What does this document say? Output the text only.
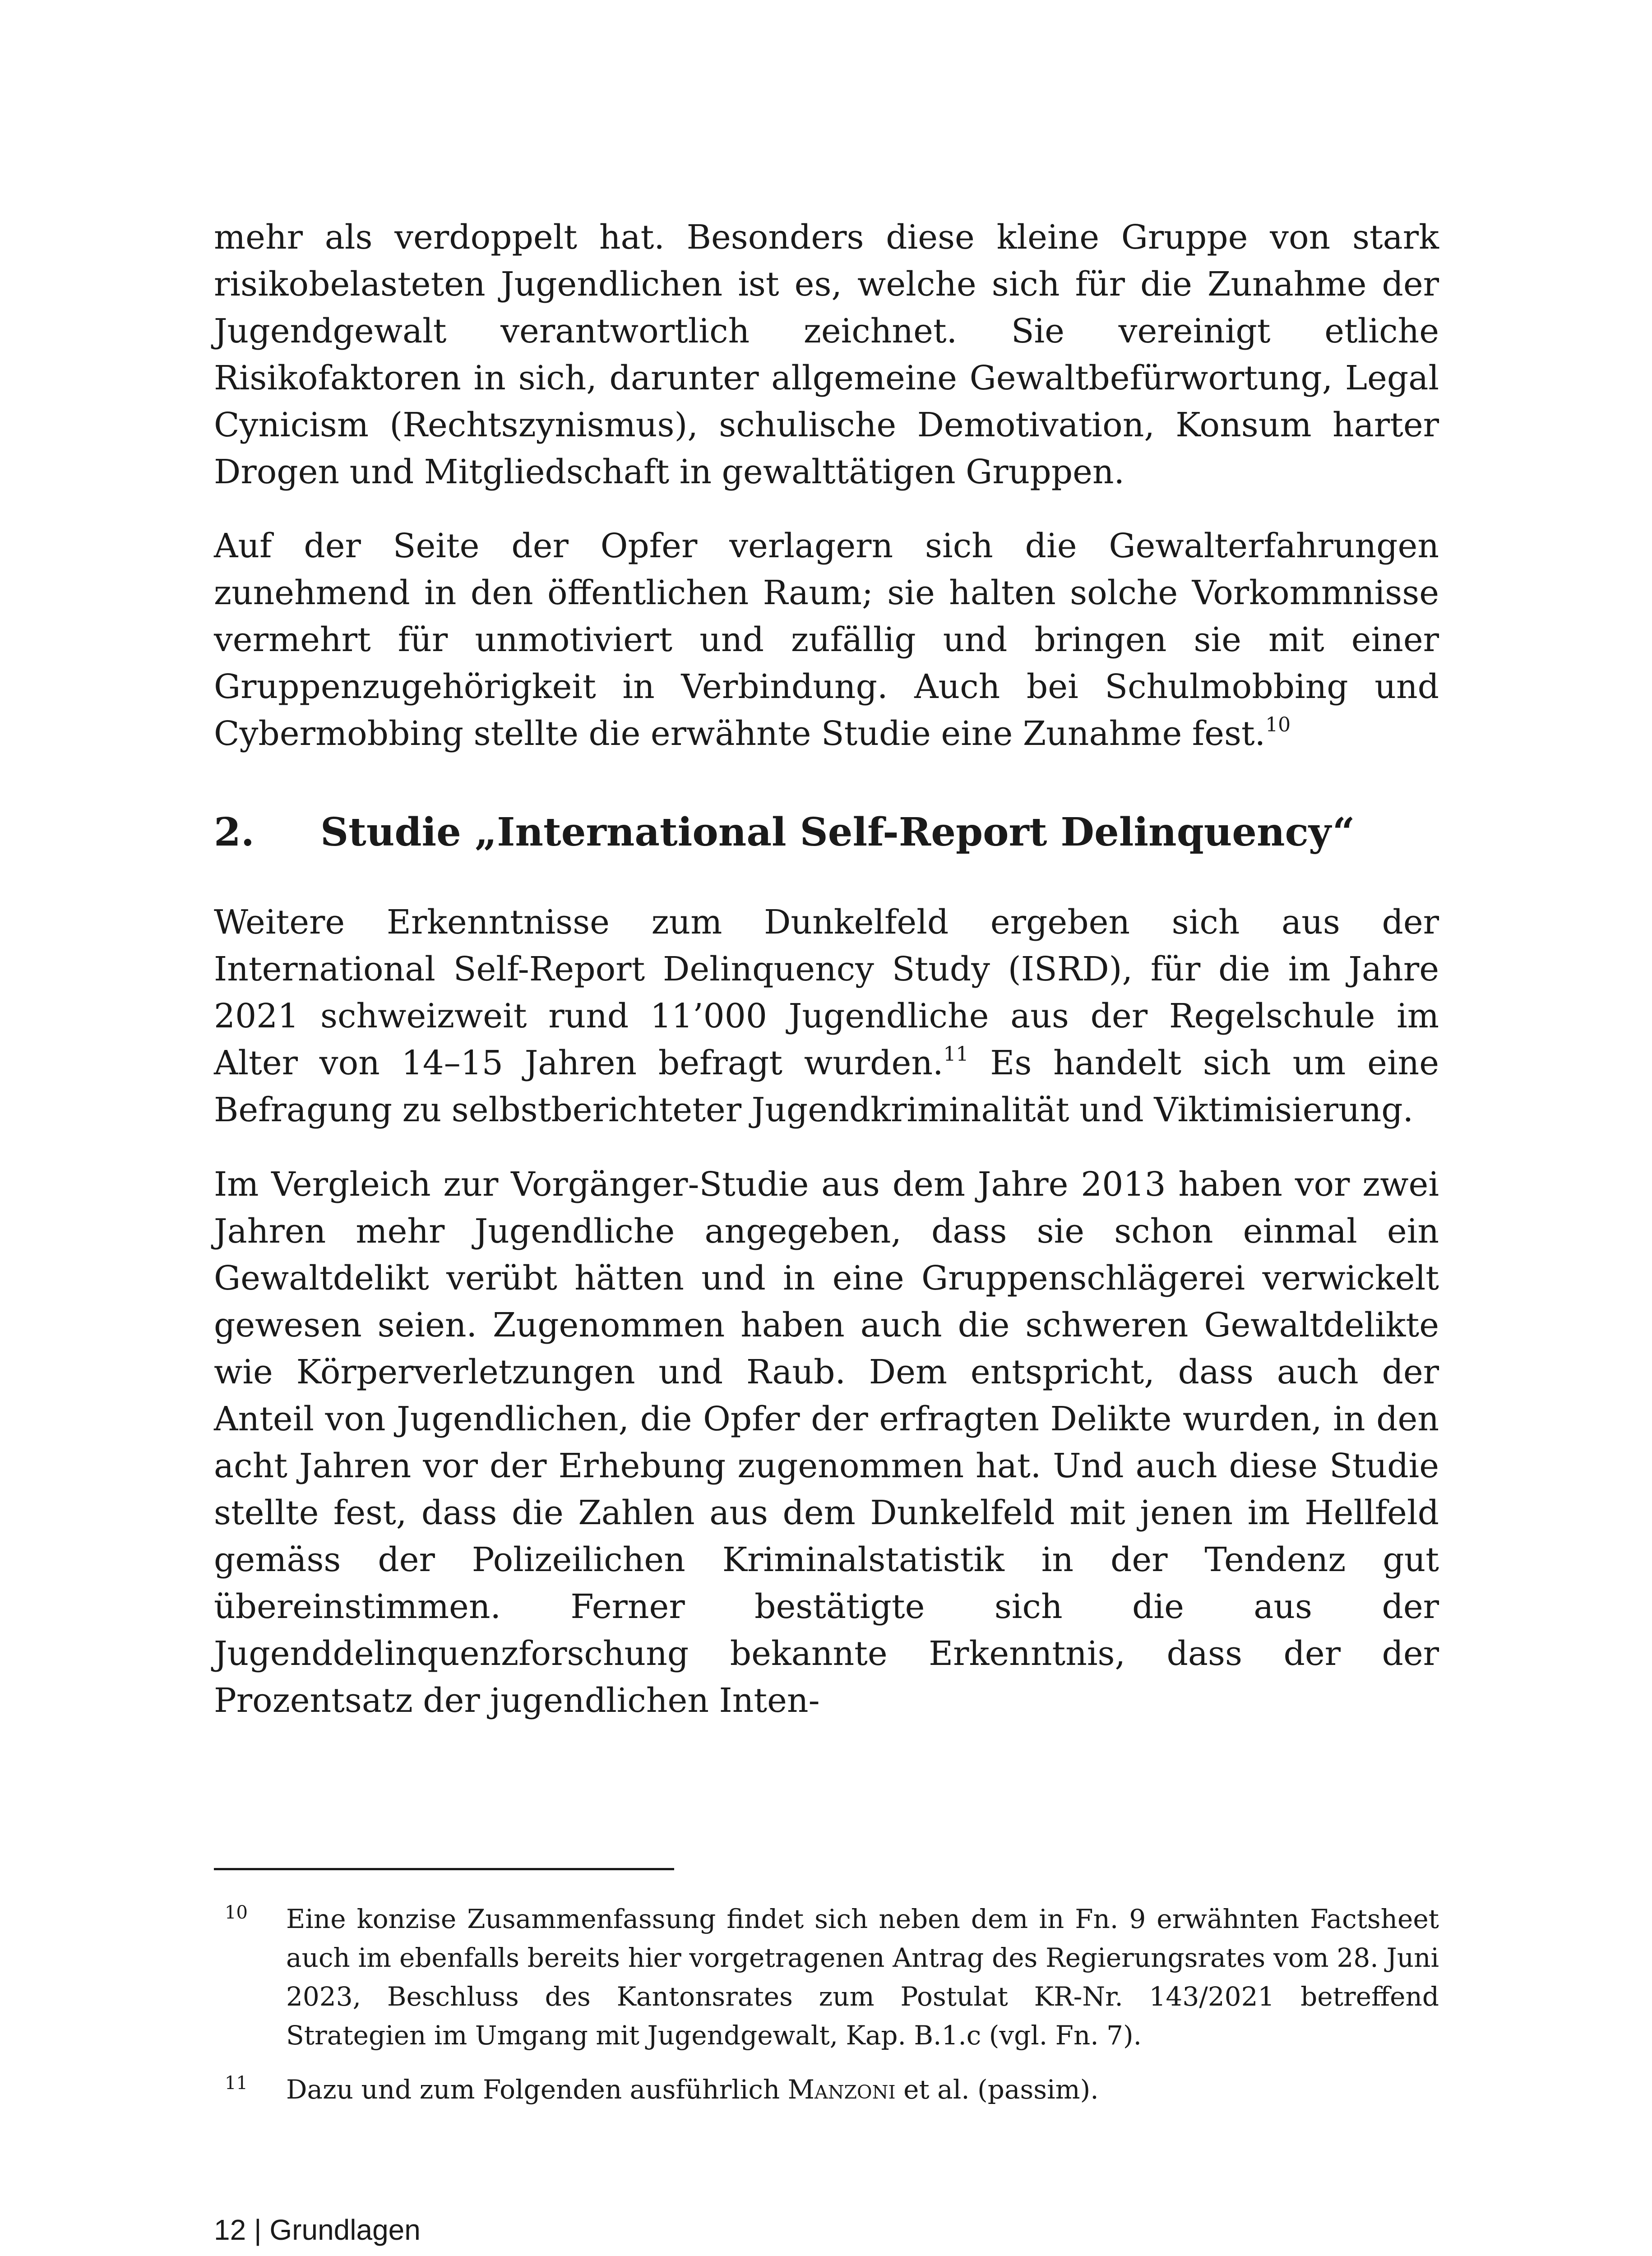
mehr als verdoppelt hat. Besonders diese kleine Gruppe von stark risikobelasteten Jugendlichen ist es, welche sich für die Zunahme der Jugendgewalt verantwortlich zeichnet. Sie vereinigt etliche Risikofaktoren in sich, darunter allgemeine Gewaltbefürwortung, Legal Cynicism (Rechtszynismus), schulische Demotivation, Konsum harter Drogen und Mitgliedschaft in gewalttätigen Gruppen.

Auf der Seite der Opfer verlagern sich die Gewalterfahrungen zunehmend in den öffentlichen Raum; sie halten solche Vorkommnisse vermehrt für unmotiviert und zufällig und bringen sie mit einer Gruppenzugehörigkeit in Verbindung. Auch bei Schulmobbing und Cybermobbing stellte die erwähnte Studie eine Zunahme fest.$^{10}$

2. Studie „International Self-Report Delinquency“

Weitere Erkenntnisse zum Dunkelfeld ergeben sich aus der International Self-Report Delinquency Study (ISRD), für die im Jahre 2021 schweizweit rund 11’000 Jugendliche aus der Regelschule im Alter von 14–15 Jahren befragt wurden.$^{11}$ Es handelt sich um eine Befragung zu selbstberichteter Jugendkriminalität und Viktimisierung.

Im Vergleich zur Vorgänger-Studie aus dem Jahre 2013 haben vor zwei Jahren mehr Jugendliche angegeben, dass sie schon einmal ein Gewaltdelikt verübt hätten und in eine Gruppenschlägerei verwickelt gewesen seien. Zugenommen haben auch die schweren Gewaltdelikte wie Körperverletzungen und Raub. Dem entspricht, dass auch der Anteil von Jugendlichen, die Opfer der erfragten Delikte wurden, in den acht Jahren vor der Erhebung zugenommen hat. Und auch diese Studie stellte fest, dass die Zahlen aus dem Dunkelfeld mit jenen im Hellfeld gemäss der Polizeilichen Kriminalstatistik in der Tendenz gut übereinstimmen. Ferner bestätigte sich die aus der Jugenddelinquenzforschung bekannte Erkenntnis, dass der der Prozentsatz der jugendlichen Inten-

10 Eine konzise Zusammenfassung findet sich neben dem in Fn. 9 erwähnten Factsheet auch im ebenfalls bereits hier vorgetragenen Antrag des Regierungsrates vom 28. Juni 2023, Beschluss des Kantonsrates zum Postulat KR-Nr. 143/2021 betreffend Strategien im Umgang mit Jugendgewalt, Kap. B.1.c (vgl. Fn. 7).
11 Dazu und zum Folgenden ausführlich Manzoni et al. (passim).
12 | Grundlagen
